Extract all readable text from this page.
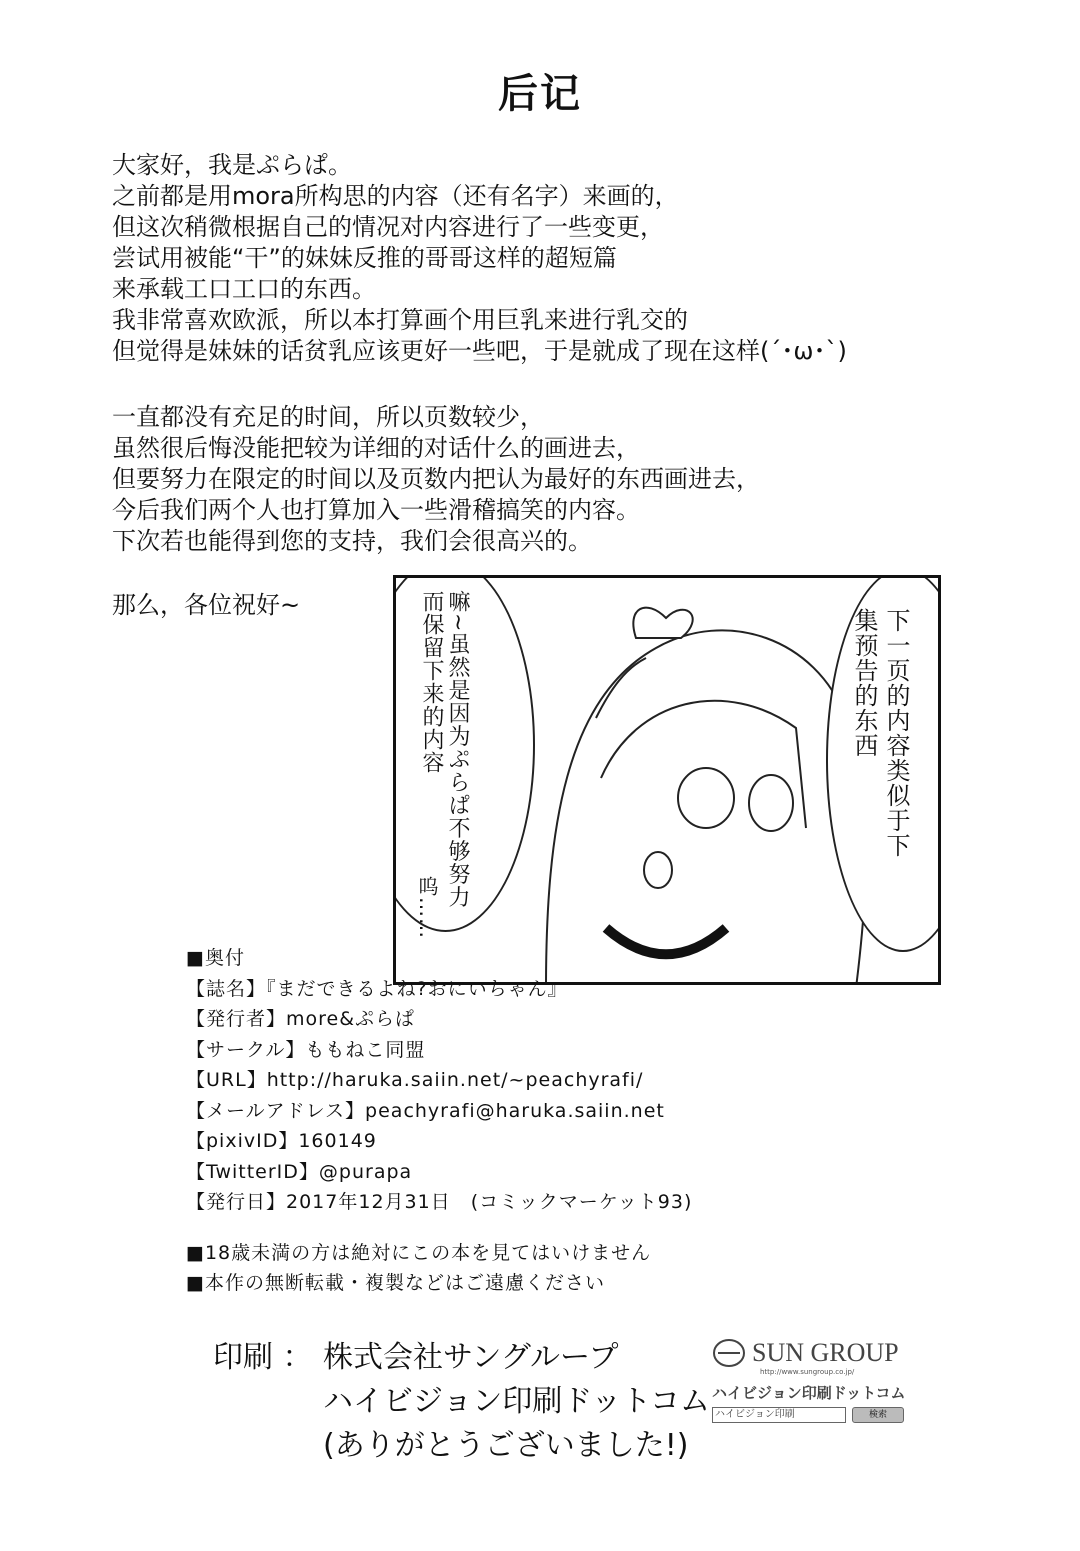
后记
大家好，我是ぷらぱ。
之前都是用mora所构思的内容（还有名字）来画的，
但这次稍微根据自己的情况对内容进行了一些变更，
尝试用被能“干”的妹妹反推的哥哥这样的超短篇
来承载工口工口的东西。
我非常喜欢欧派，所以本打算画个用巨乳来进行乳交的
但觉得是妹妹的话贫乳应该更好一些吧，于是就成了现在这样(´･ω･`)
一直都没有充足的时间，所以页数较少，
虽然很后悔没能把较为详细的对话什么的画进去，
但要努力在限定的时间以及页数内把认为最好的东西画进去，
今后我们两个人也打算加入一些滑稽搞笑的内容。
下次若也能得到您的支持，我们会很高兴的。
那么，各位祝好~	嘛~虽然是因为ぷらぱ不够努力而保留下来的内容	下一页的内容类似于下集预告的东西
呜……
■奥付
【誌名】『まだできるよね?おにいちゃん』
【発行者】more&ぷらぱ
【サークル】ももねこ同盟
【URL】http://haruka.saiin.net/~peachyrafi/
【メールアドレス】peachyrafi@haruka.saiin.net
【pixivID】160149
【TwitterID】@purapa
【発行日】2017年12月31日　(コミックマーケット93)
■18歳未満の方は絶対にこの本を見てはいけません
■本作の無断転載・複製などはご遠慮ください
印刷 ： 株式会社サングループ
ハイビジョン印刷ドットコム
(ありがとうございました!)
SUN GROUP
http://www.sungroup.co.jp/
ハイビジョン印刷ドットコム
ハイビジョン印刷	検索
